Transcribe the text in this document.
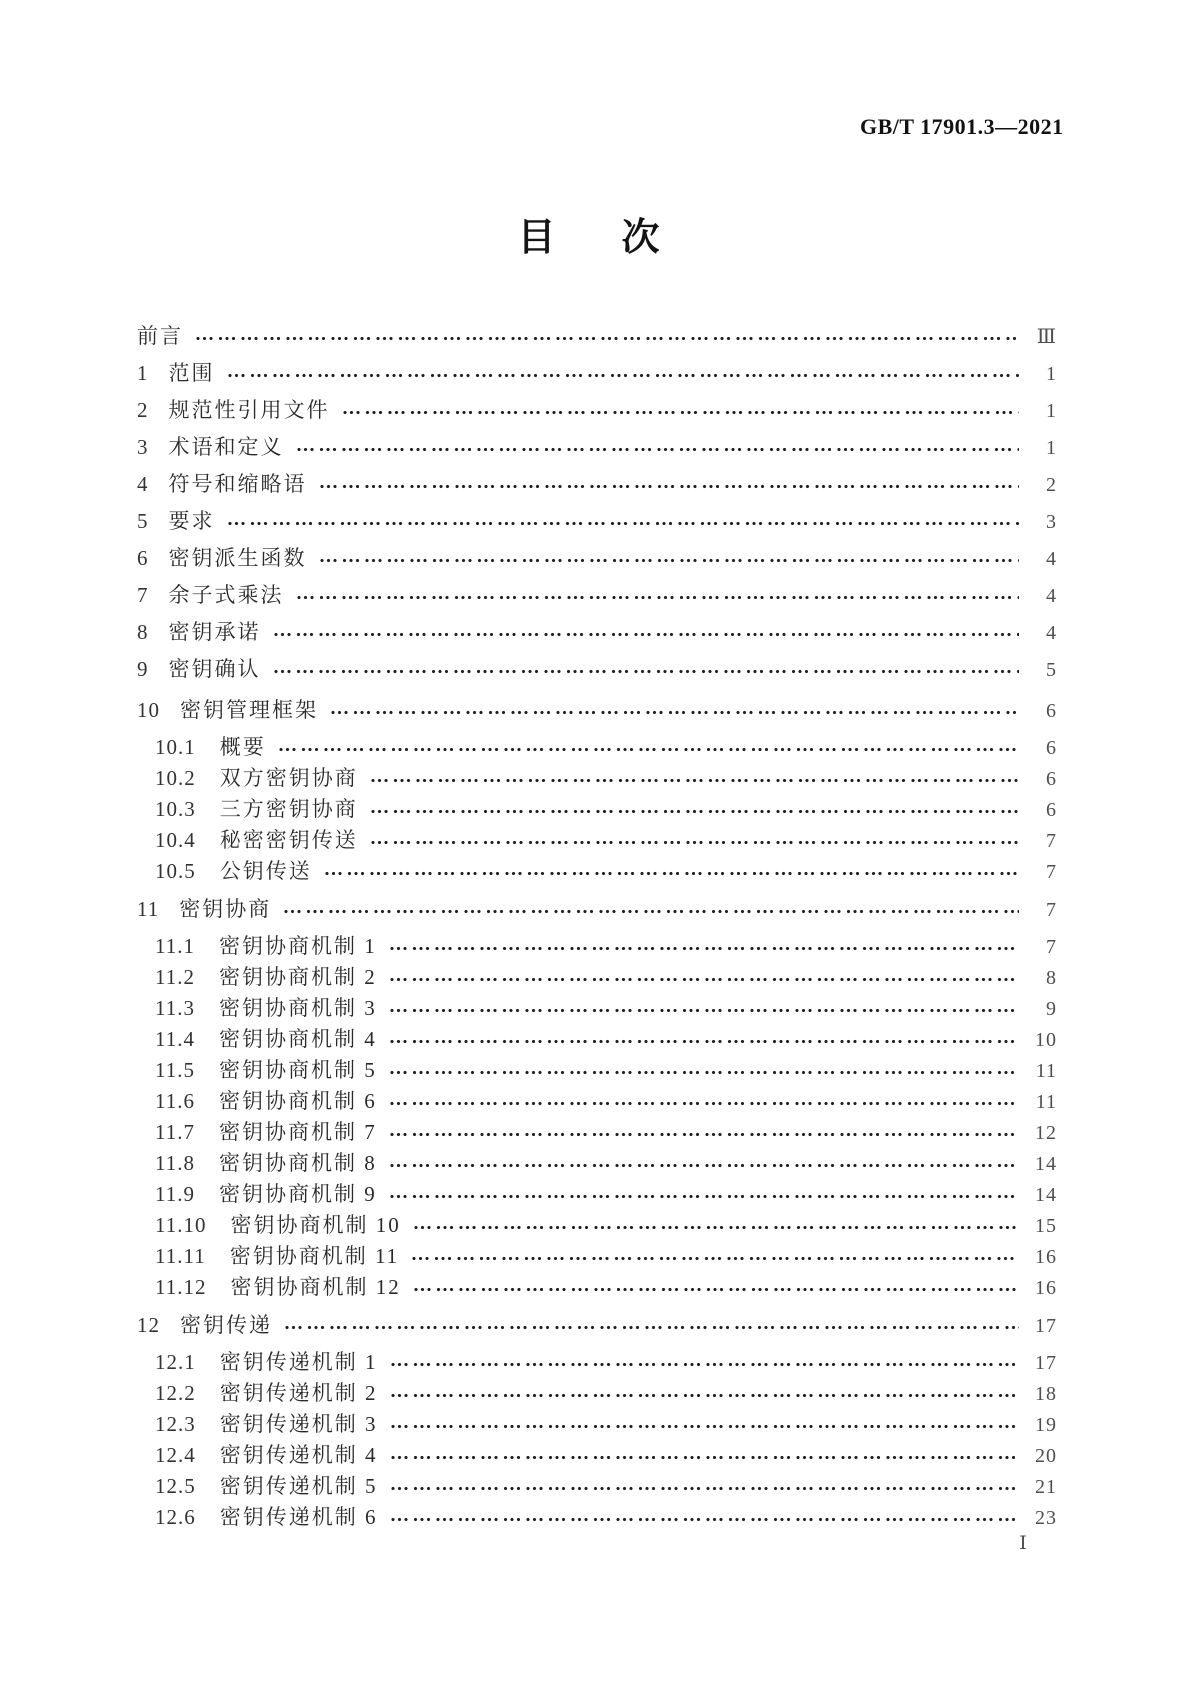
GB/T 17901.3—2021
目　次
前言	Ⅲ
1 范围	1
2 规范性引用文件	1
3 术语和定义	1
4 符号和缩略语	2
5 要求	3
6 密钥派生函数	4
7 余子式乘法	4
8 密钥承诺	4
9 密钥确认	5
10 密钥管理框架	6
10.1 概要	6
10.2 双方密钥协商	6
10.3 三方密钥协商	6
10.4 秘密密钥传送	7
10.5 公钥传送	7
11 密钥协商	7
11.1 密钥协商机制 1	7
11.2 密钥协商机制 2	8
11.3 密钥协商机制 3	9
11.4 密钥协商机制 4	10
11.5 密钥协商机制 5	11
11.6 密钥协商机制 6	11
11.7 密钥协商机制 7	12
11.8 密钥协商机制 8	14
11.9 密钥协商机制 9	14
11.10 密钥协商机制 10	15
11.11 密钥协商机制 11	16
11.12 密钥协商机制 12	16
12 密钥传递	17
12.1 密钥传递机制 1	17
12.2 密钥传递机制 2	18
12.3 密钥传递机制 3	19
12.4 密钥传递机制 4	20
12.5 密钥传递机制 5	21
12.6 密钥传递机制 6	23
Ⅰ
